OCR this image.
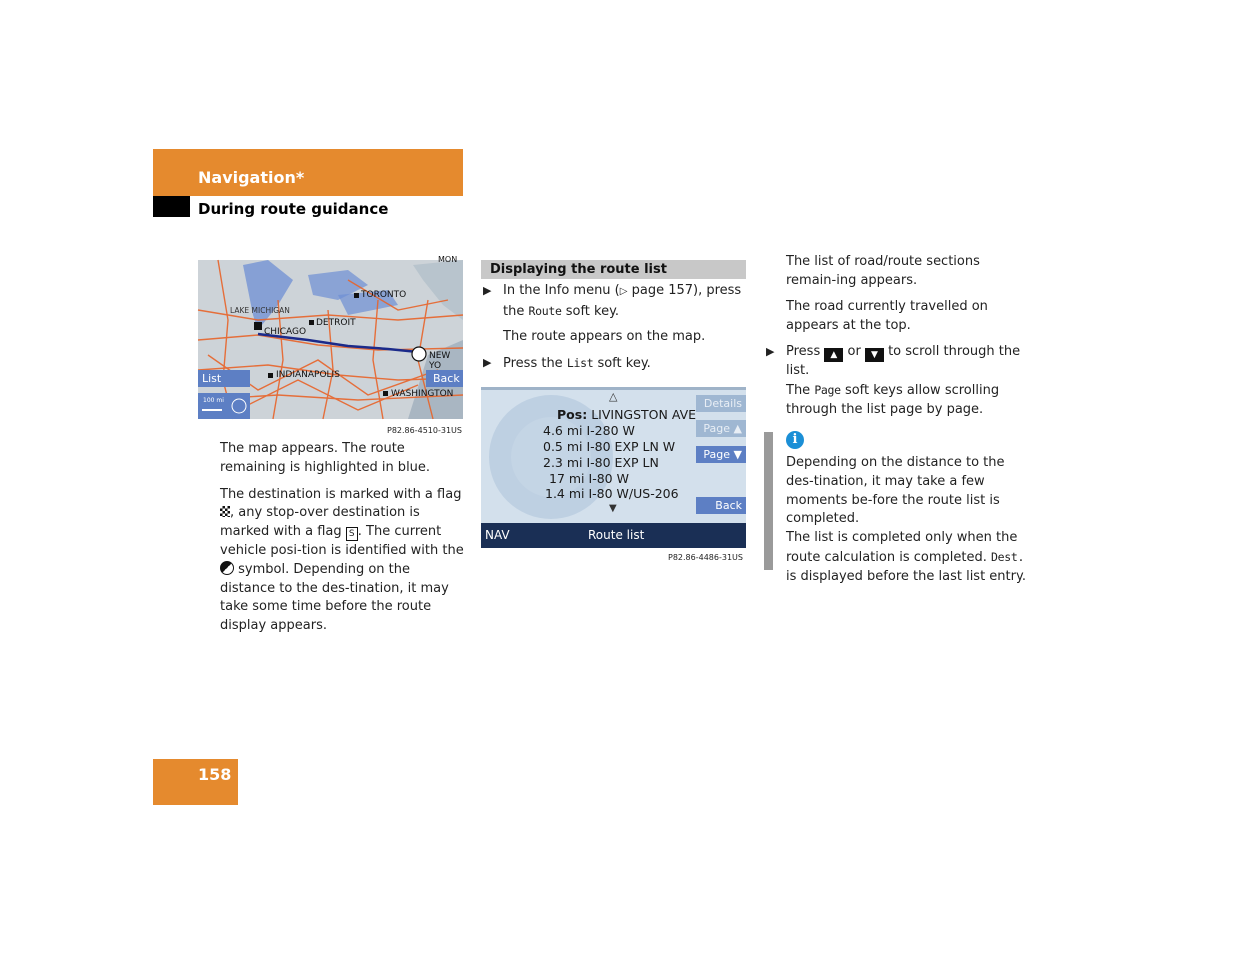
Navigation*
During route guidance
LAKE MICHIGAN
TORONTO
DETROIT
CHICAGO
NEW YO
INDIANAPOLIS
WASHINGTON
MON
List	Back
100 mi
P82.86-4510-31US
The map appears. The route remaining is highlighted in blue.
The destination is marked with a flag , any stop-over destination is marked with a flag S . The current vehicle posi-tion is identified with the  symbol. Depending on the distance to the des-tination, it may take some time before the route display appears.
Displaying the route list
▶ In the Info menu (▷ page 157), press the Route soft key.
The route appears on the map.
▶ Press the List soft key.
△
Pos: LIVINGSTON AVE
4.6 mi I-280 W
0.5 mi I-80 EXP LN W
2.3 mi I-80 EXP LN
17 mi I-80 W
1.4 mi I-80 W/US-206
▼
Details
Page ▲
Page ▼
Back
NAV	Route list
P82.86-4486-31US
The list of road/route sections remain-ing appears.
The road currently travelled on appears at the top.
▶ Press ▲ or ▼ to scroll through the list.
The Page soft keys allow scrolling through the list page by page.
i
Depending on the distance to the des-tination, it may take a few moments be-fore the route list is completed.
The list is completed only when the route calculation is completed. Dest. is displayed before the last list entry.
158
